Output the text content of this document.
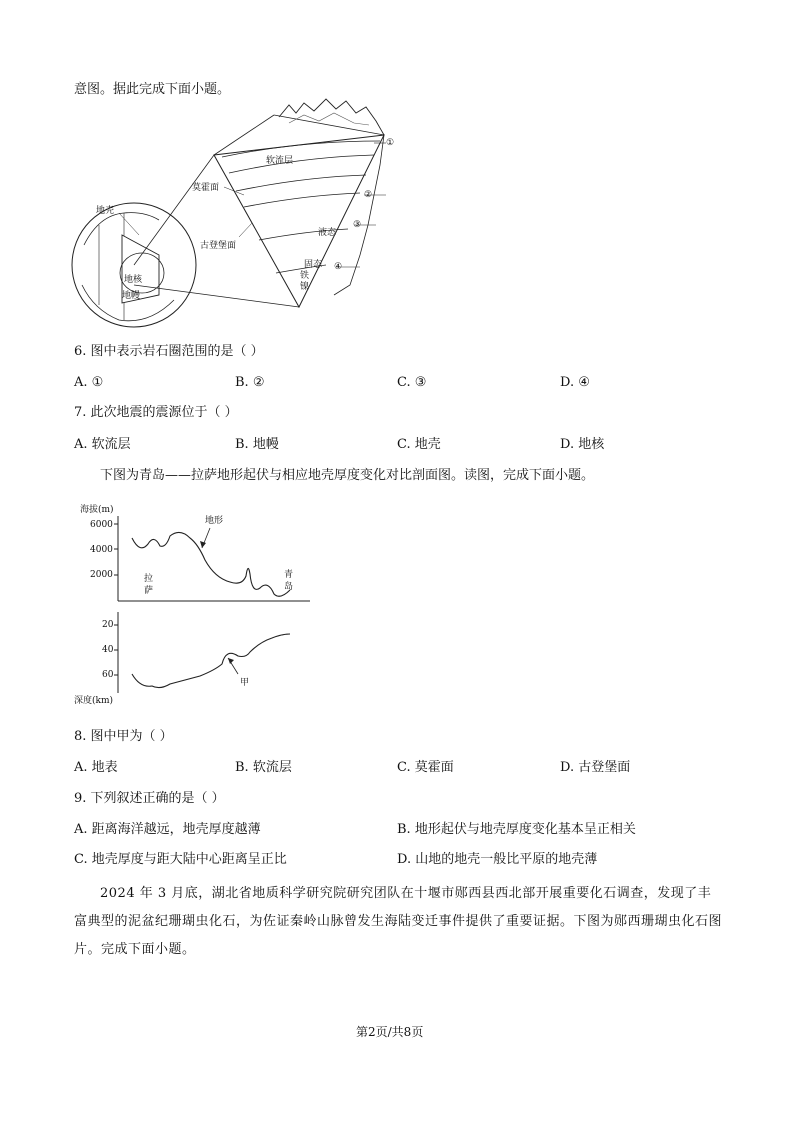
意图。据此完成下面小题。
软流层
莫霍面
地壳
古登堡面
液态
固态
铁
镍
地核
地幔
①
②
③
④
6. 图中表示岩石圈范围的是（ ）
A. ①	B. ②	C. ③	D. ④
7. 此次地震的震源位于（ ）
A. 软流层	B. 地幔	C. 地壳	D. 地核
下图为青岛——拉萨地形起伏与相应地壳厚度变化对比剖面图。读图，完成下面小题。
海拔(m)
6000
4000
2000
地形
拉
萨
青
岛
20
40
60
甲
深度(km)
8. 图中甲为（ ）
A. 地表	B. 软流层	C. 莫霍面	D. 古登堡面
9. 下列叙述正确的是（ ）
A. 距离海洋越远，地壳厚度越薄	B. 地形起伏与地壳厚度变化基本呈正相关
C. 地壳厚度与距大陆中心距离呈正比	D. 山地的地壳一般比平原的地壳薄
2024 年 3 月底，湖北省地质科学研究院研究团队在十堰市郧西县西北部开展重要化石调查，发现了丰富典型的泥盆纪珊瑚虫化石，为佐证秦岭山脉曾发生海陆变迁事件提供了重要证据。下图为郧西珊瑚虫化石图片。完成下面小题。
第2页/共8页
